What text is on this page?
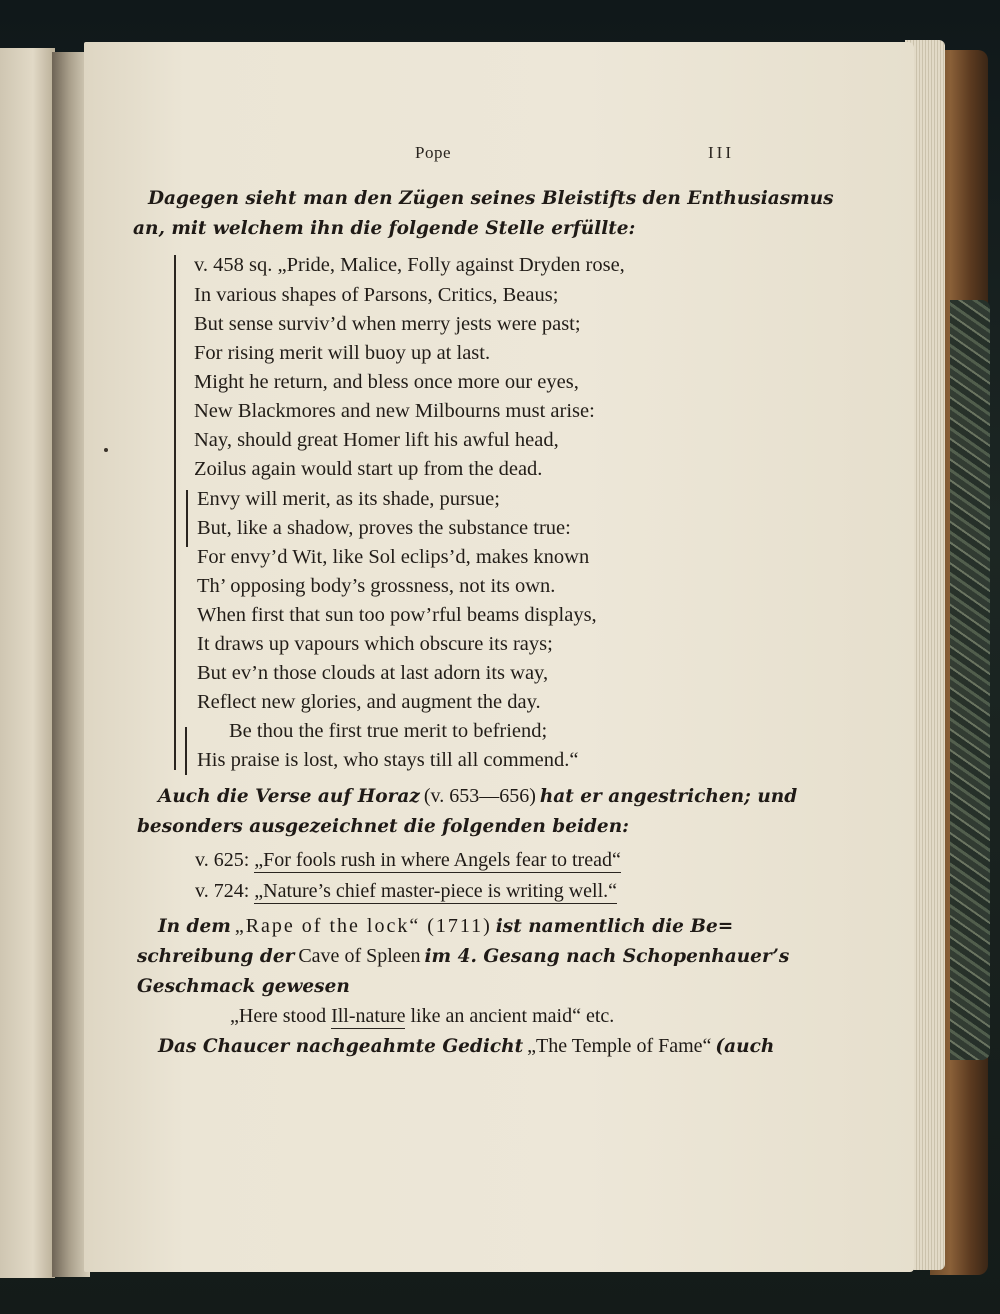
Pope	III
Dagegen sieht man den Zügen seines Bleistifts den Enthusiasmus
an, mit welchem ihn die folgende Stelle erfüllte:
v. 458 sq. „Pride, Malice, Folly against Dryden rose,
In various shapes of Parsons, Critics, Beaus;
But sense surviv’d when merry jests were past;
For rising merit will buoy up at last.
Might he return, and bless once more our eyes,
New Blackmores and new Milbourns must arise:
Nay, should great Homer lift his awful head,
Zoilus again would start up from the dead.
Envy will merit, as its shade, pursue;
But, like a shadow, proves the substance true:
For envy’d Wit, like Sol eclips’d, makes known
Th’ opposing body’s grossness, not its own.
When first that sun too pow’rful beams displays,
It draws up vapours which obscure its rays;
But ev’n those clouds at last adorn its way,
Reflect new glories, and augment the day.
Be thou the first true merit to befriend;
His praise is lost, who stays till all commend.“
Auch die Verse auf Horaz (v. 653—656) hat er angestrichen; und
besonders ausgezeichnet die folgenden beiden:
v. 625: „For fools rush in where Angels fear to tread“
v. 724: „Nature’s chief master-piece is writing well.“
In dem „Rape of the lock“ (1711) ist namentlich die Be=
schreibung der Cave of Spleen im 4. Gesang nach Schopenhauer’s
Geschmack gewesen
„Here stood Ill-nature like an ancient maid“ etc.
Das Chaucer nachgeahmte Gedicht „The Temple of Fame“ (auch
